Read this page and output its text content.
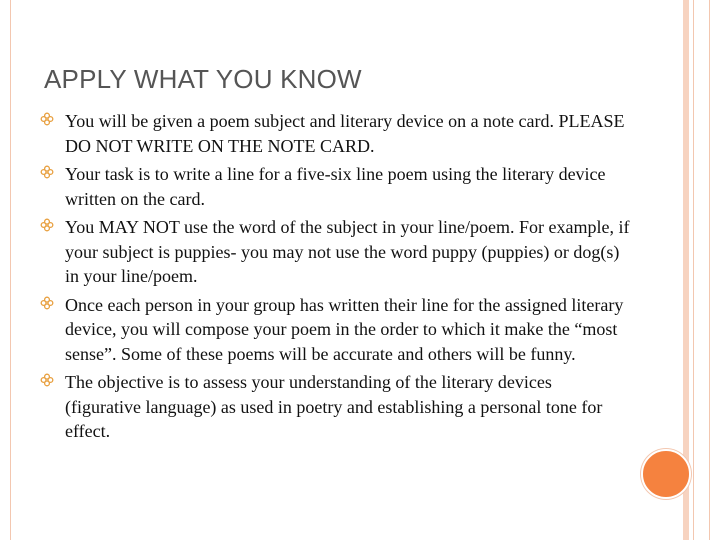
APPLY WHAT YOU KNOW
You will be given a poem subject and literary device on a note card. PLEASE DO NOT WRITE ON THE NOTE CARD.
Your task is to write a line for a five-six line poem using the literary device written on the card.
You MAY NOT use the word of the subject in your line/poem. For example, if your subject is puppies- you may not use the word puppy (puppies) or dog(s) in your line/poem.
Once each person in your group has written their line for the assigned literary device, you will compose your poem in the order to which it make the “most sense”. Some of these poems will be accurate and others will be funny.
The objective is to assess your understanding of the literary devices (figurative language) as used in poetry and establishing a personal tone for effect.
